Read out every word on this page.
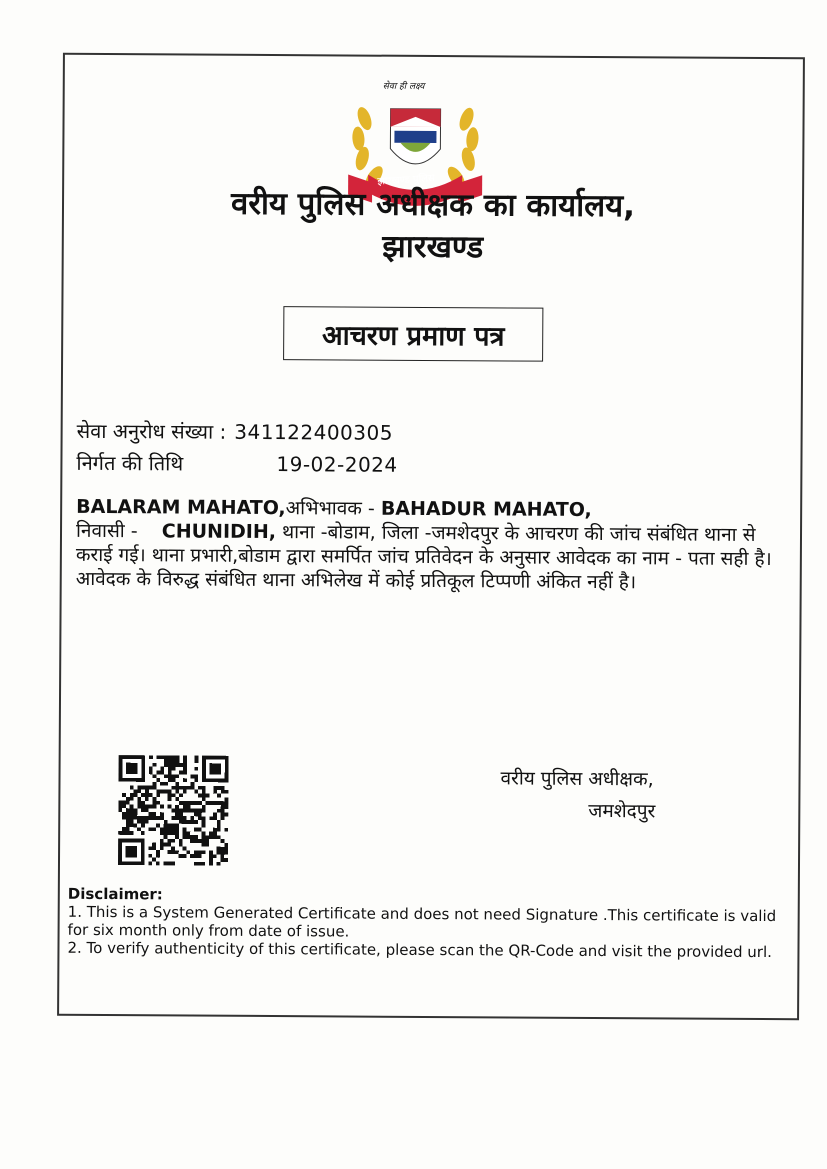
सेवा ही लक्ष्य
झारखण्ड पुलिस
वरीय पुलिस अधीक्षक का कार्यालय,
झारखण्ड
आचरण प्रमाण पत्र
सेवा अनुरोध संख्या : 341122400305
निर्गत की तिथि	19-02-2024
BALARAM MAHATO,अभिभावक - BAHADUR MAHATO,
निवासी -    CHUNIDIH, थाना -बोडाम, जिला -जमशेदपुर के आचरण की जांच संबंधित थाना से कराई गई। थाना प्रभारी,बोडाम द्वारा समर्पित जांच प्रतिवेदन के अनुसार आवेदक का नाम - पता सही है। आवेदक के विरुद्ध संबंधित थाना अभिलेख में कोई प्रतिकूल टिप्पणी अंकित नहीं है।
वरीय पुलिस अधीक्षक,
जमशेदपुर
Disclaimer:
1. This is a System Generated Certificate and does not need Signature .This certificate is valid for six month only from date of issue.
2. To verify authenticity of this certificate, please scan the QR-Code and visit the provided url.
